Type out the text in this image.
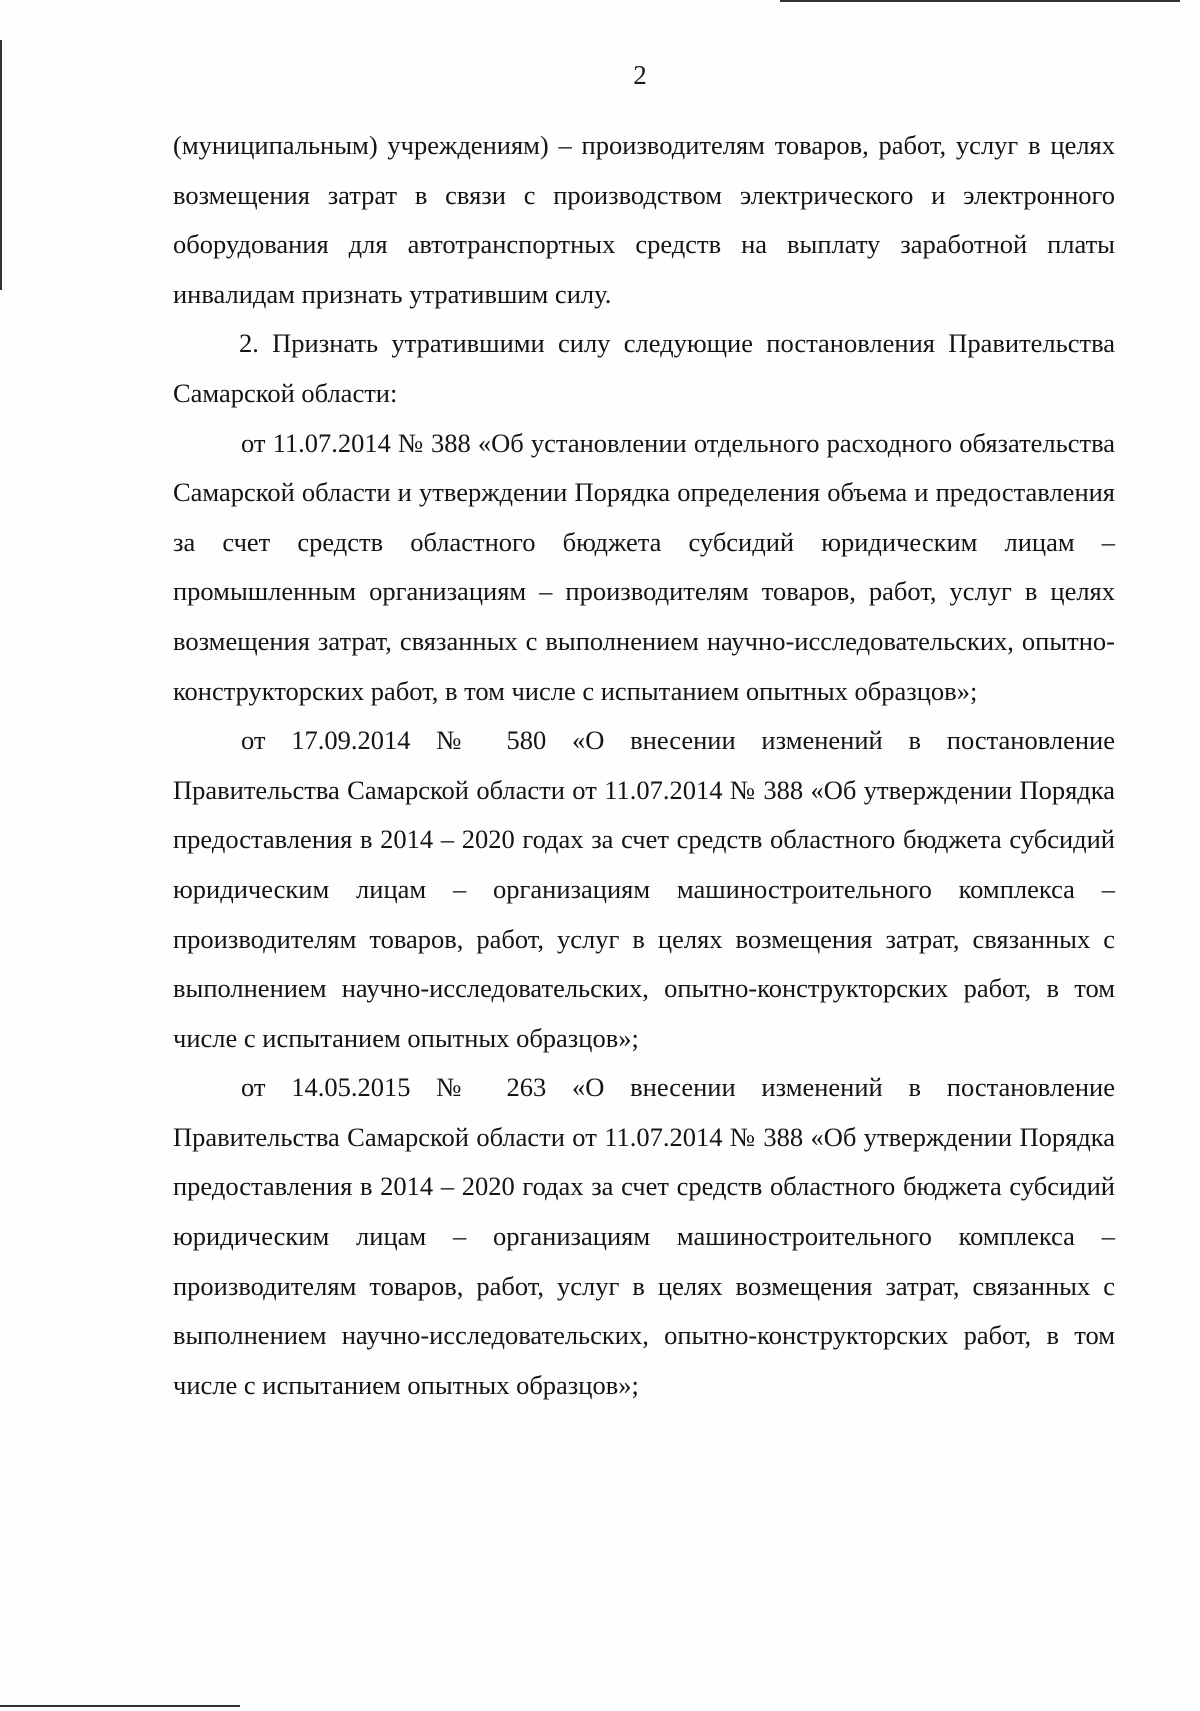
2

(муниципальным) учреждениям) – производителям товаров, работ, услуг в целях возмещения затрат в связи с производством электрического и электронного оборудования для автотранспортных средств на выплату заработной платы инвалидам признать утратившим силу.

2. Признать утратившими силу следующие постановления Правительства Самарской области:

от 11.07.2014 № 388 «Об установлении отдельного расходного обязательства Самарской области и утверждении Порядка определения объема и предоставления за счет средств областного бюджета субсидий юридическим лицам – промышленным организациям – производителям товаров, работ, услуг в целях возмещения затрат, связанных с выполнением научно-исследовательских, опытно-конструкторских работ, в том числе с испытанием опытных образцов»;

от 17.09.2014 № 580 «О внесении изменений в постановление Правительства Самарской области от 11.07.2014 № 388 «Об утверждении Порядка предоставления в 2014 – 2020 годах за счет средств областного бюджета субсидий юридическим лицам – организациям машиностроительного комплекса – производителям товаров, работ, услуг в целях возмещения затрат, связанных с выполнением научно-исследовательских, опытно-конструкторских работ, в том числе с испытанием опытных образцов»;

от 14.05.2015 № 263 «О внесении изменений в постановление Правительства Самарской области от 11.07.2014 № 388 «Об утверждении Порядка предоставления в 2014 – 2020 годах за счет средств областного бюджета субсидий юридическим лицам – организациям машиностроительного комплекса – производителям товаров, работ, услуг в целях возмещения затрат, связанных с выполнением научно-исследовательских, опытно-конструкторских работ, в том числе с испытанием опытных образцов»;
